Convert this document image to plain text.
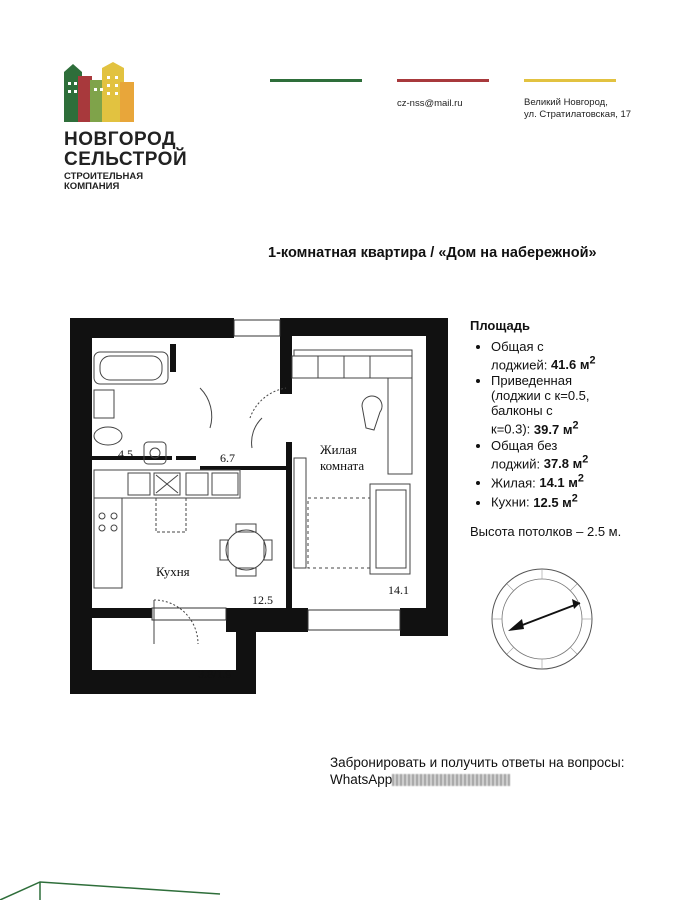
НОВГОРОД
СЕЛЬСТРОЙ
СТРОИТЕЛЬНАЯ
КОМПАНИЯ
cz-nss@mail.ru	Великий Новгород,
ул. Стратилатовская, 17
1-комнатная квартира / «Дом на набережной»
4.5	6.7
Кухня
12.5
Жилая
комната
14.1
3.8/1.9
Площадь
• Общая с
лоджией: 41.6 $м^2$
• Приведенная
(лоджии с к=0.5,
балконы с
к=0.3): 39.7 $м^2$
• Общая без
лоджий: 37.8 $м^2$
• Жилая: 14.1 $м^2$
• Кухни: 12.5 $м^2$
Высота потолков – 2.5 м.
Забронировать и получить ответы на вопросы:
WhatsApp
